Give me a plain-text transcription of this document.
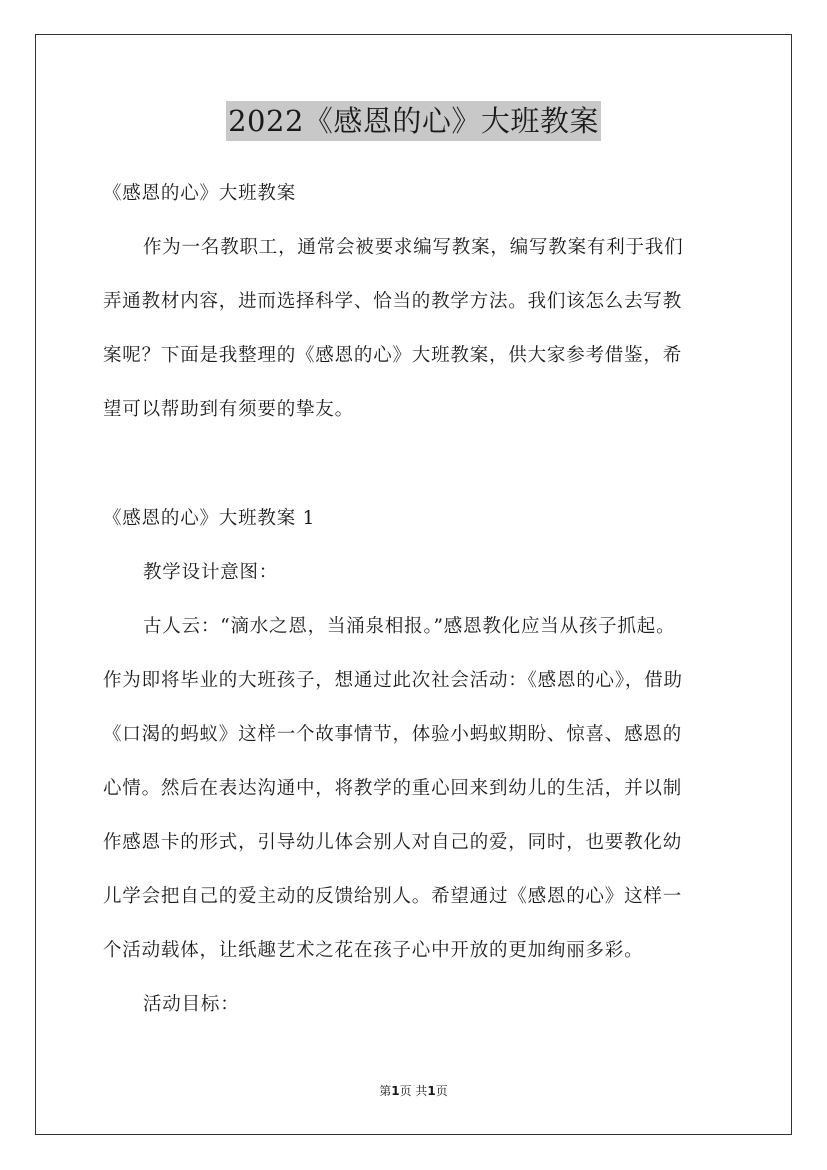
2022《感恩的心》大班教案
《感恩的心》大班教案
作为一名教职工，通常会被要求编写教案，编写教案有利于我们
弄通教材内容，进而选择科学、恰当的教学方法。我们该怎么去写教
案呢？下面是我整理的《感恩的心》大班教案，供大家参考借鉴，希
望可以帮助到有须要的挚友。
《感恩的心》大班教案 1
教学设计意图：
古人云：“滴水之恩，当涌泉相报。”感恩教化应当从孩子抓起。
作为即将毕业的大班孩子，想通过此次社会活动：《感恩的心》，借助
《口渴的蚂蚁》这样一个故事情节，体验小蚂蚁期盼、惊喜、感恩的
心情。然后在表达沟通中，将教学的重心回来到幼儿的生活，并以制
作感恩卡的形式，引导幼儿体会别人对自己的爱，同时，也要教化幼
儿学会把自己的爱主动的反馈给别人。希望通过《感恩的心》这样一
个活动载体，让纸趣艺术之花在孩子心中开放的更加绚丽多彩。
活动目标：
第1页 共1页
